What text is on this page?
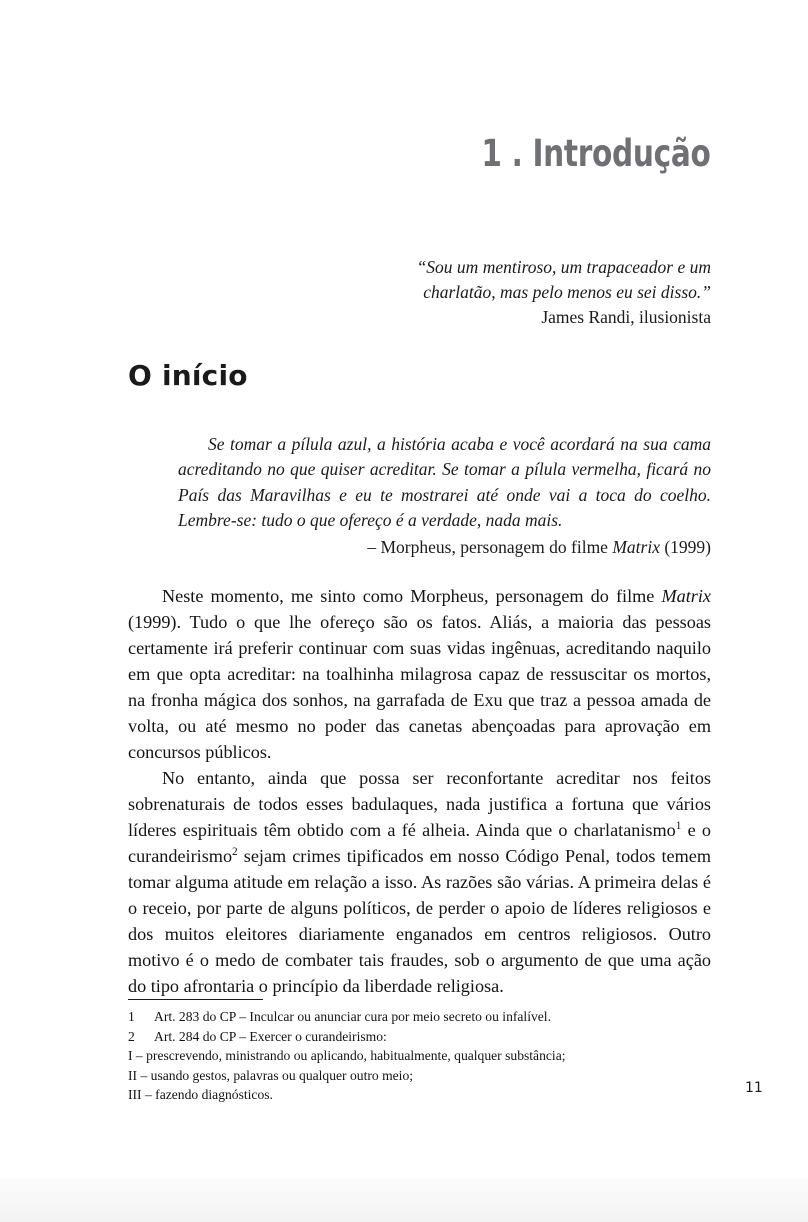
1 . Introdução

“Sou um mentiroso, um trapaceador e um charlatão, mas pelo menos eu sei disso.”

James Randi, ilusionista

O início

Se tomar a pílula azul, a história acaba e você acordará na sua cama acreditando no que quiser acreditar. Se tomar a pílula vermelha, ficará no País das Maravilhas e eu te mostrarei até onde vai a toca do coelho. Lembre-se: tudo o que ofereço é a verdade, nada mais.

– Morpheus, personagem do filme Matrix (1999)

Neste momento, me sinto como Morpheus, personagem do filme Matrix (1999). Tudo o que lhe ofereço são os fatos. Aliás, a maioria das pessoas certamente irá preferir continuar com suas vidas ingênuas, acreditando naquilo em que opta acreditar: na toalhinha milagrosa capaz de ressuscitar os mortos, na fronha mágica dos sonhos, na garrafada de Exu que traz a pessoa amada de volta, ou até mesmo no poder das canetas abençoadas para aprovação em concursos públicos.

No entanto, ainda que possa ser reconfortante acreditar nos feitos sobrenaturais de todos esses badulaques, nada justifica a fortuna que vários líderes espirituais têm obtido com a fé alheia. Ainda que o charlatanismo$^1$ e o curandeirismo$^2$ sejam crimes tipificados em nosso Código Penal, todos temem tomar alguma atitude em relação a isso. As razões são várias. A primeira delas é o receio, por parte de alguns políticos, de perder o apoio de líderes religiosos e dos muitos eleitores diariamente enganados em centros religiosos. Outro motivo é o medo de combater tais fraudes, sob o argumento de que uma ação do tipo afrontaria o princípio da liberdade religiosa.

1	Art. 283 do CP – Inculcar ou anunciar cura por meio secreto ou infalível.
2	Art. 284 do CP – Exercer o curandeirismo:
I – prescrevendo, ministrando ou aplicando, habitualmente, qualquer substância;
II – usando gestos, palavras ou qualquer outro meio;
III – fazendo diagnósticos.	11
